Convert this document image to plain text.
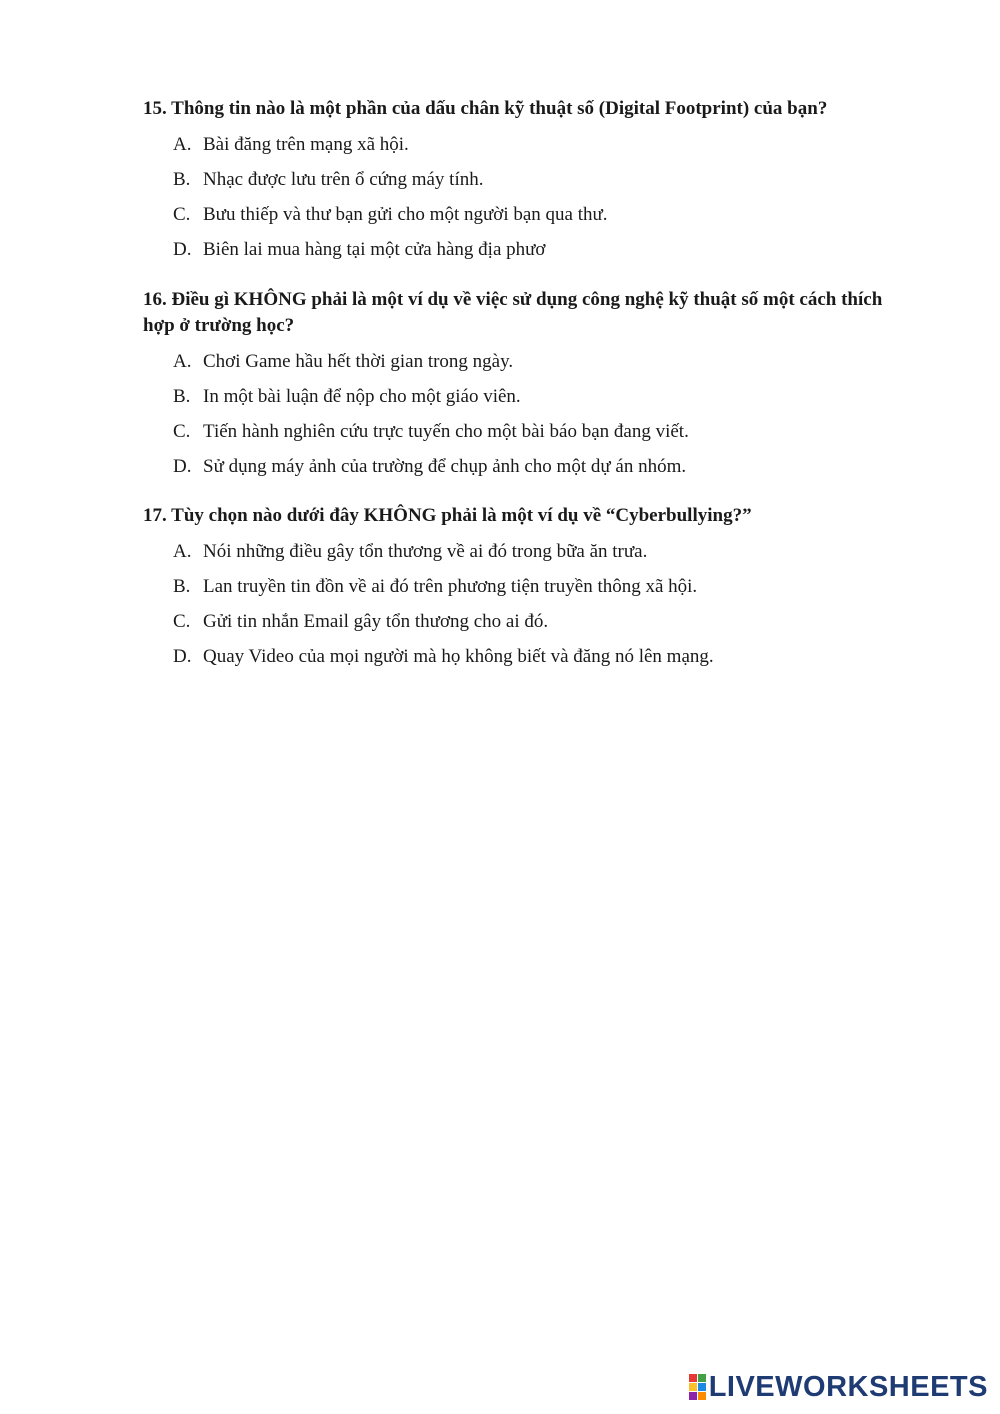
15. Thông tin nào là một phần của dấu chân kỹ thuật số (Digital Footprint) của bạn?

A. Bài đăng trên mạng xã hội.
B. Nhạc được lưu trên ổ cứng máy tính.
C. Bưu thiếp và thư bạn gửi cho một người bạn qua thư.
D. Biên lai mua hàng tại một cửa hàng địa phươ

16. Điều gì KHÔNG phải là một ví dụ về việc sử dụng công nghệ kỹ thuật số một cách thích hợp ở trường học?

A. Chơi Game hầu hết thời gian trong ngày.
B. In một bài luận để nộp cho một giáo viên.
C. Tiến hành nghiên cứu trực tuyến cho một bài báo bạn đang viết.
D. Sử dụng máy ảnh của trường để chụp ảnh cho một dự án nhóm.

17. Tùy chọn nào dưới đây KHÔNG phải là một ví dụ về “Cyberbullying?”

A. Nói những điều gây tổn thương về ai đó trong bữa ăn trưa.
B. Lan truyền tin đồn về ai đó trên phương tiện truyền thông xã hội.
C. Gửi tin nhắn Email gây tổn thương cho ai đó.
D. Quay Video của mọi người mà họ không biết và đăng nó lên mạng.
LIVEWORKSHEETS
